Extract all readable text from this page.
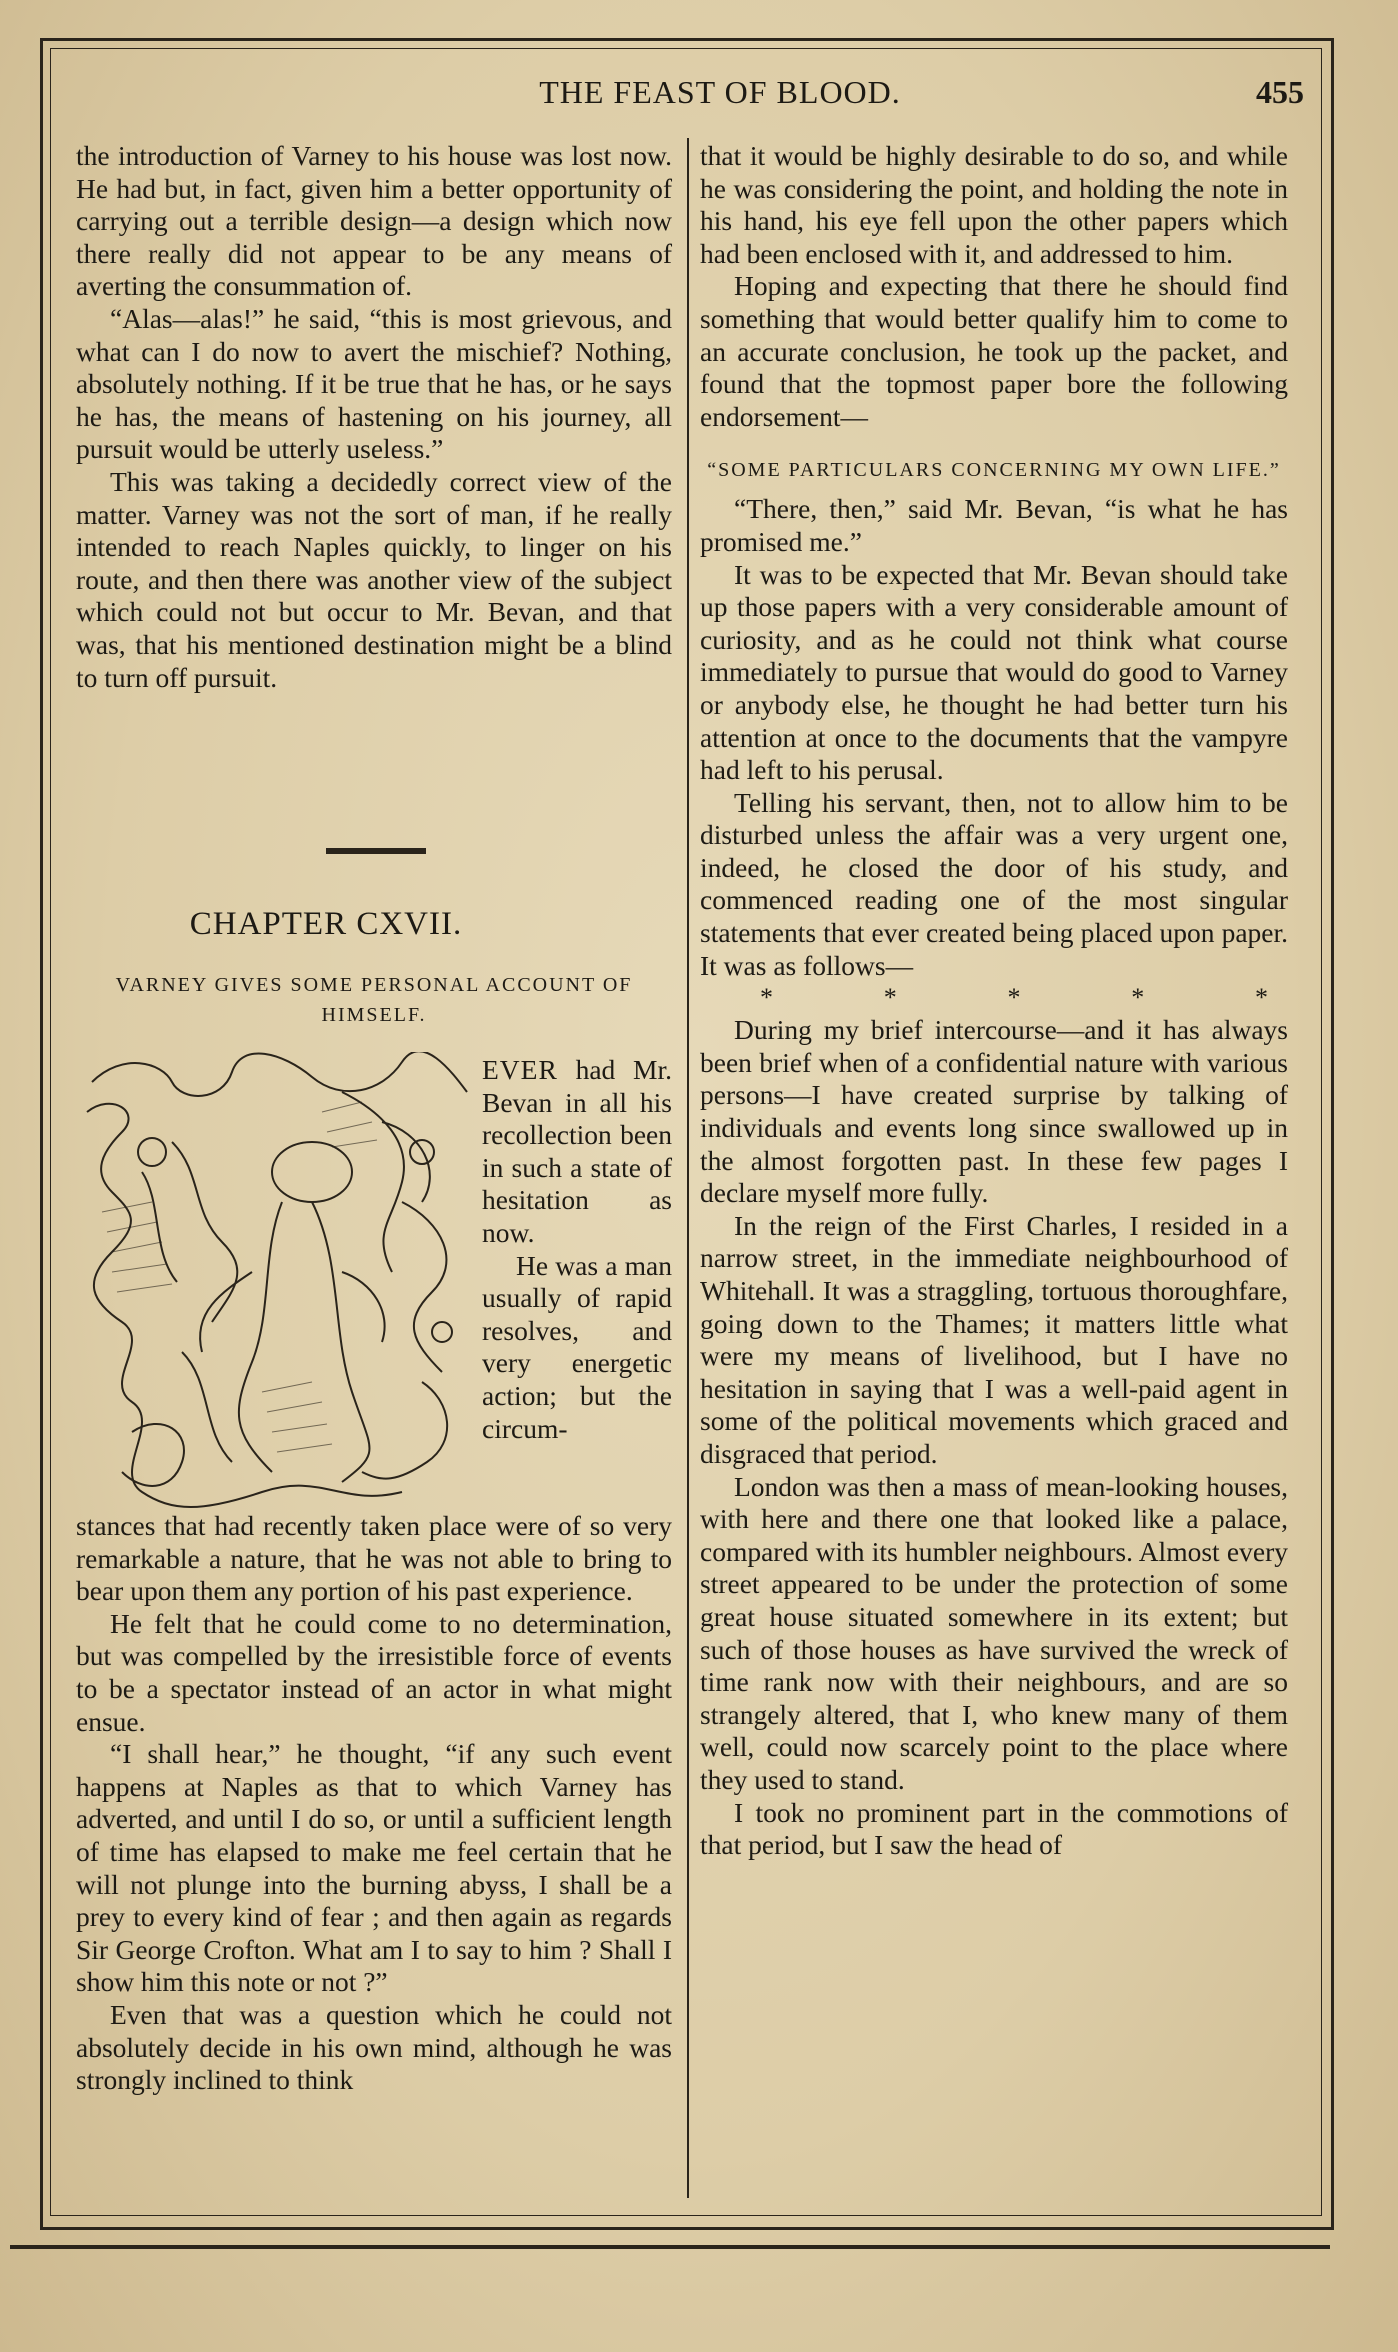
THE FEAST OF BLOOD.	455

the introduction of Varney to his house was lost now. He had but, in fact, given him a better opportunity of carrying out a terrible design—a design which now there really did not appear to be any means of averting the consummation of.

“Alas—alas!” he said, “this is most grievous, and what can I do now to avert the mischief? Nothing, absolutely nothing. If it be true that he has, or he says he has, the means of hastening on his journey, all pursuit would be utterly useless.”

This was taking a decidedly correct view of the matter. Varney was not the sort of man, if he really intended to reach Naples quickly, to linger on his route, and then there was another view of the subject which could not but occur to Mr. Bevan, and that was, that his mentioned destination might be a blind to turn off pursuit.

CHAPTER CXVII.
VARNEY GIVES SOME PERSONAL ACCOUNT OF HIMSELF.

EVER had Mr. Bevan in all his recollection been in such a state of hesitation as now.

He was a man usually of rapid resolves, and very energetic action; but the circum-

stances that had recently taken place were of so very remarkable a nature, that he was not able to bring to bear upon them any portion of his past experience.

He felt that he could come to no determination, but was compelled by the irresistible force of events to be a spectator instead of an actor in what might ensue.

“I shall hear,” he thought, “if any such event happens at Naples as that to which Varney has adverted, and until I do so, or until a sufficient length of time has elapsed to make me feel certain that he will not plunge into the burning abyss, I shall be a prey to every kind of fear ; and then again as regards Sir George Crofton. What am I to say to him ? Shall I show him this note or not ?”

Even that was a question which he could not absolutely decide in his own mind, although he was strongly inclined to think

that it would be highly desirable to do so, and while he was considering the point, and holding the note in his hand, his eye fell upon the other papers which had been enclosed with it, and addressed to him.

Hoping and expecting that there he should find something that would better qualify him to come to an accurate conclusion, he took up the packet, and found that the topmost paper bore the following endorsement—

“SOME PARTICULARS CONCERNING MY OWN LIFE.”

“There, then,” said Mr. Bevan, “is what he has promised me.”

It was to be expected that Mr. Bevan should take up those papers with a very considerable amount of curiosity, and as he could not think what course immediately to pursue that would do good to Varney or anybody else, he thought he had better turn his attention at once to the documents that the vampyre had left to his perusal.

Telling his servant, then, not to allow him to be disturbed unless the affair was a very urgent one, indeed, he closed the door of his study, and commenced reading one of the most singular statements that ever created being placed upon paper. It was as follows—

*	*	*	*	*

During my brief intercourse—and it has always been brief when of a confidential nature with various persons—I have created surprise by talking of individuals and events long since swallowed up in the almost forgotten past. In these few pages I declare myself more fully.

In the reign of the First Charles, I resided in a narrow street, in the immediate neighbourhood of Whitehall. It was a straggling, tortuous thoroughfare, going down to the Thames; it matters little what were my means of livelihood, but I have no hesitation in saying that I was a well-paid agent in some of the political movements which graced and disgraced that period.

London was then a mass of mean-looking houses, with here and there one that looked like a palace, compared with its humbler neighbours. Almost every street appeared to be under the protection of some great house situated somewhere in its extent; but such of those houses as have survived the wreck of time rank now with their neighbours, and are so strangely altered, that I, who knew many of them well, could now scarcely point to the place where they used to stand.

I took no prominent part in the commotions of that period, but I saw the head of
